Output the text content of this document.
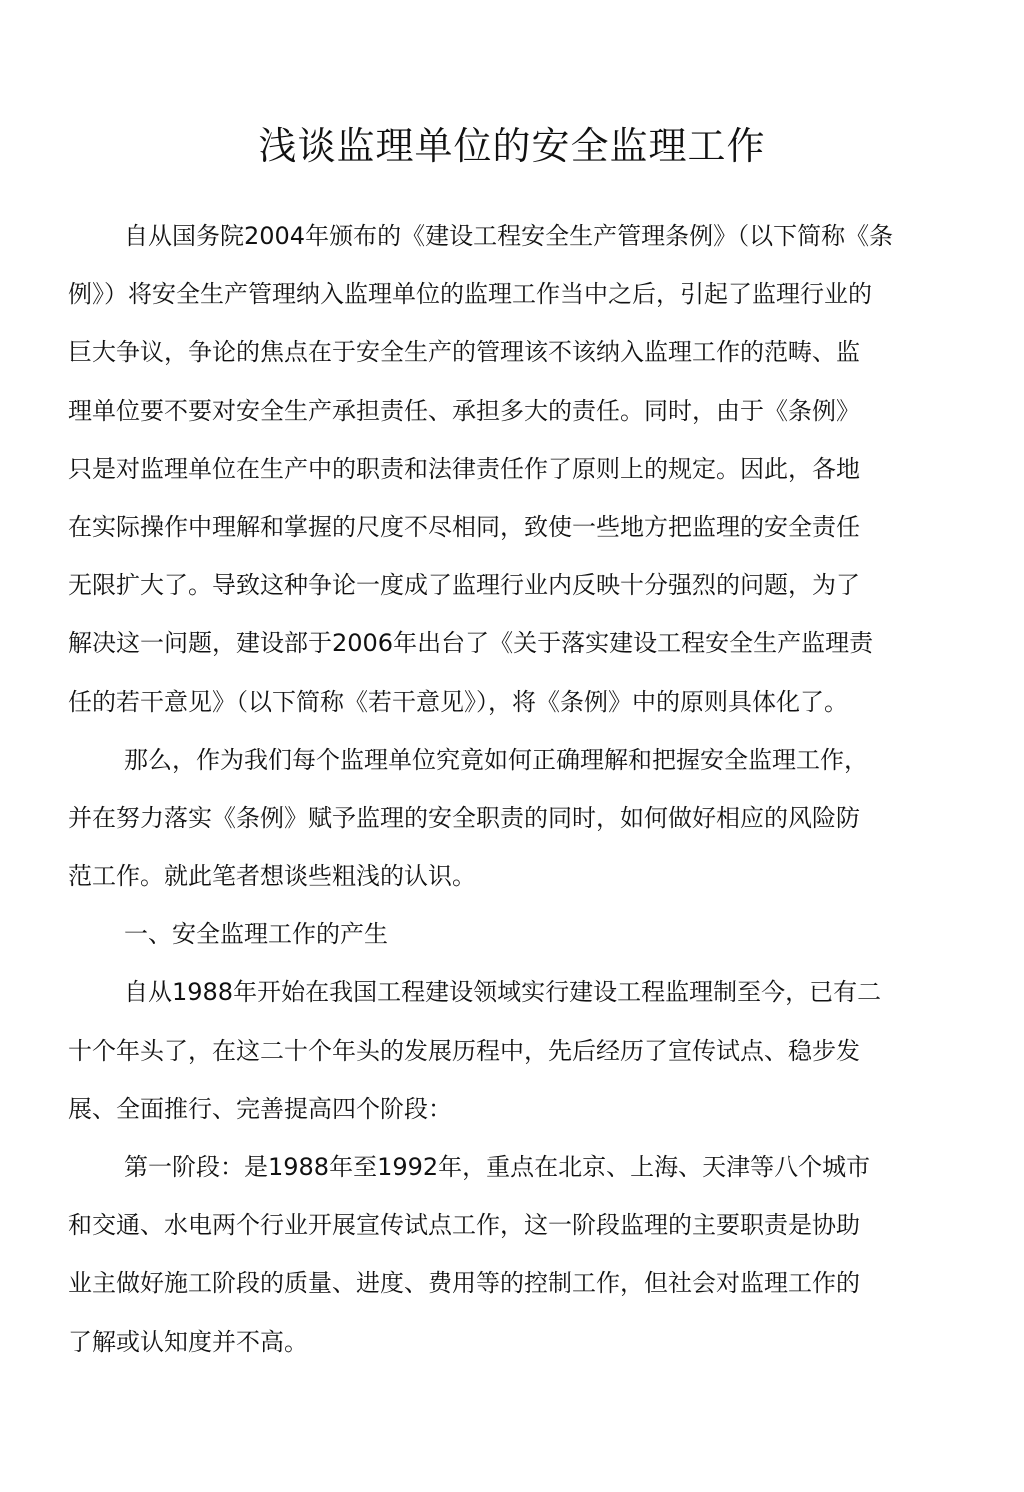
浅谈监理单位的安全监理工作
自从国务院2004年颁布的《建设工程安全生产管理条例》（以下简称《条
例》）将安全生产管理纳入监理单位的监理工作当中之后，引起了监理行业的
巨大争议，争论的焦点在于安全生产的管理该不该纳入监理工作的范畴、监
理单位要不要对安全生产承担责任、承担多大的责任。同时，由于《条例》
只是对监理单位在生产中的职责和法律责任作了原则上的规定。因此，各地
在实际操作中理解和掌握的尺度不尽相同，致使一些地方把监理的安全责任
无限扩大了。导致这种争论一度成了监理行业内反映十分强烈的问题，为了
解决这一问题，建设部于2006年出台了《关于落实建设工程安全生产监理责
任的若干意见》（以下简称《若干意见》），将《条例》中的原则具体化了。
那么，作为我们每个监理单位究竟如何正确理解和把握安全监理工作，
并在努力落实《条例》赋予监理的安全职责的同时，如何做好相应的风险防
范工作。就此笔者想谈些粗浅的认识。
一、安全监理工作的产生
自从1988年开始在我国工程建设领域实行建设工程监理制至今，已有二
十个年头了，在这二十个年头的发展历程中，先后经历了宣传试点、稳步发
展、全面推行、完善提高四个阶段：
第一阶段：是1988年至1992年，重点在北京、上海、天津等八个城市
和交通、水电两个行业开展宣传试点工作，这一阶段监理的主要职责是协助
业主做好施工阶段的质量、进度、费用等的控制工作，但社会对监理工作的
了解或认知度并不高。
